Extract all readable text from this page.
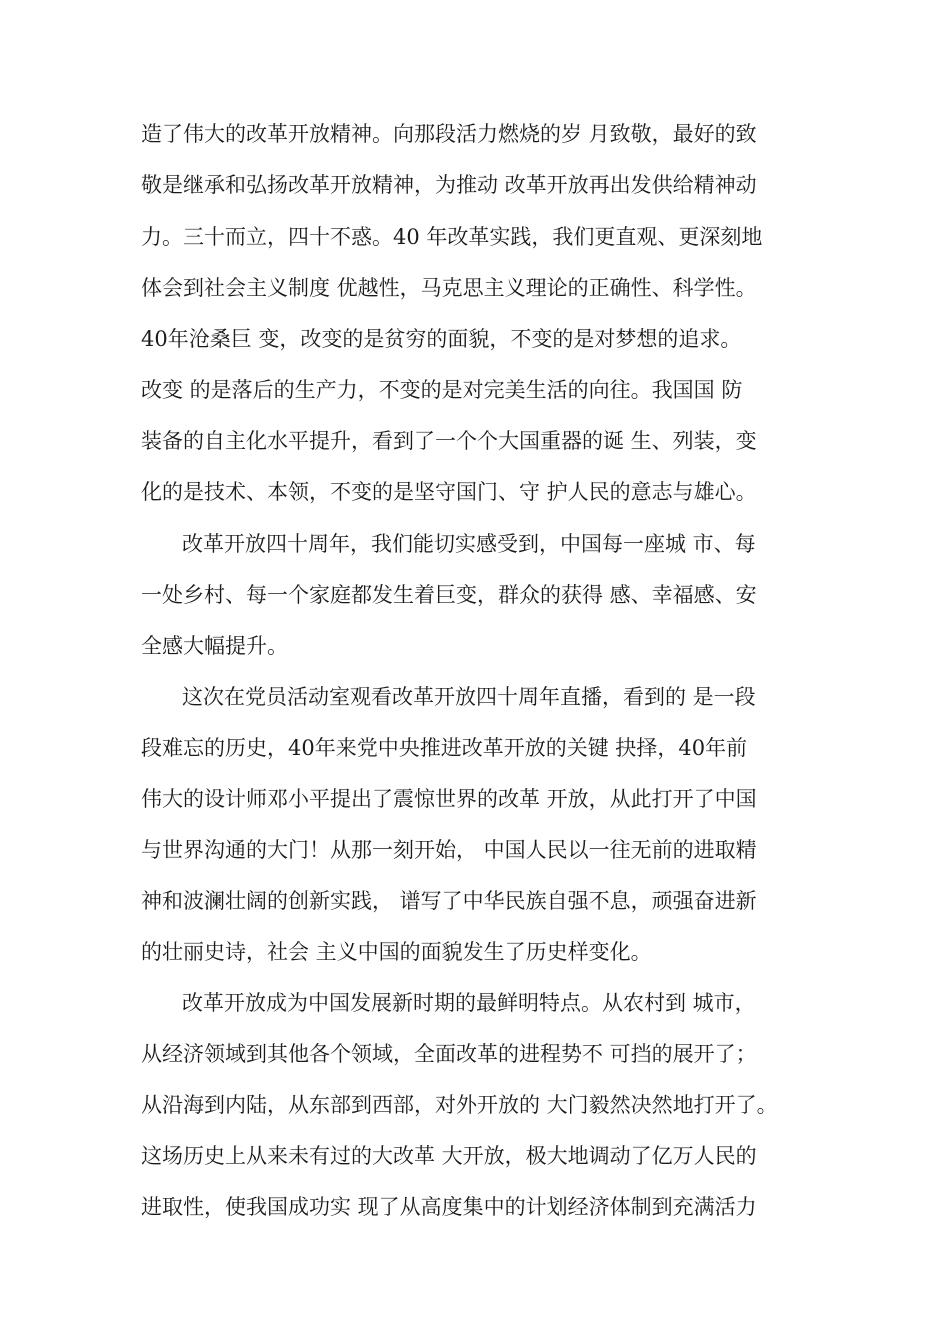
造了伟大的改革开放精神。向那段活力燃烧的岁 月致敬，最好的致
敬是继承和弘扬改革开放精神，为推动 改革开放再出发供给精神动
力。三十而立，四十不惑。40 年改革实践，我们更直观、更深刻地
体会到社会主义制度 优越性，马克思主义理论的正确性、科学性。
40年沧桑巨 变，改变的是贫穷的面貌，不变的是对梦想的追求。
改变 的是落后的生产力，不变的是对完美生活的向往。我国国 防
装备的自主化水平提升，看到了一个个大国重器的诞 生、列装，变
化的是技术、本领，不变的是坚守国门、守 护人民的意志与雄心。
改革开放四十周年，我们能切实感受到，中国每一座城 市、每
一处乡村、每一个家庭都发生着巨变，群众的获得 感、幸福感、安
全感大幅提升。
这次在党员活动室观看改革开放四十周年直播，看到的 是一段
段难忘的历史，40年来党中央推进改革开放的关键 抉择，40年前
伟大的设计师邓小平提出了震惊世界的改革 开放，从此打开了中国
与世界沟通的大门！从那一刻开始， 中国人民以一往无前的进取精
神和波澜壮阔的创新实践， 谱写了中华民族自强不息，顽强奋进新
的壮丽史诗，社会 主义中国的面貌发生了历史样变化。
改革开放成为中国发展新时期的最鲜明特点。从农村到 城市，
从经济领域到其他各个领域，全面改革的进程势不 可挡的展开了；
从沿海到内陆，从东部到西部，对外开放的 大门毅然决然地打开了。
这场历史上从来未有过的大改革 大开放，极大地调动了亿万人民的
进取性，使我国成功实 现了从高度集中的计划经济体制到充满活力
